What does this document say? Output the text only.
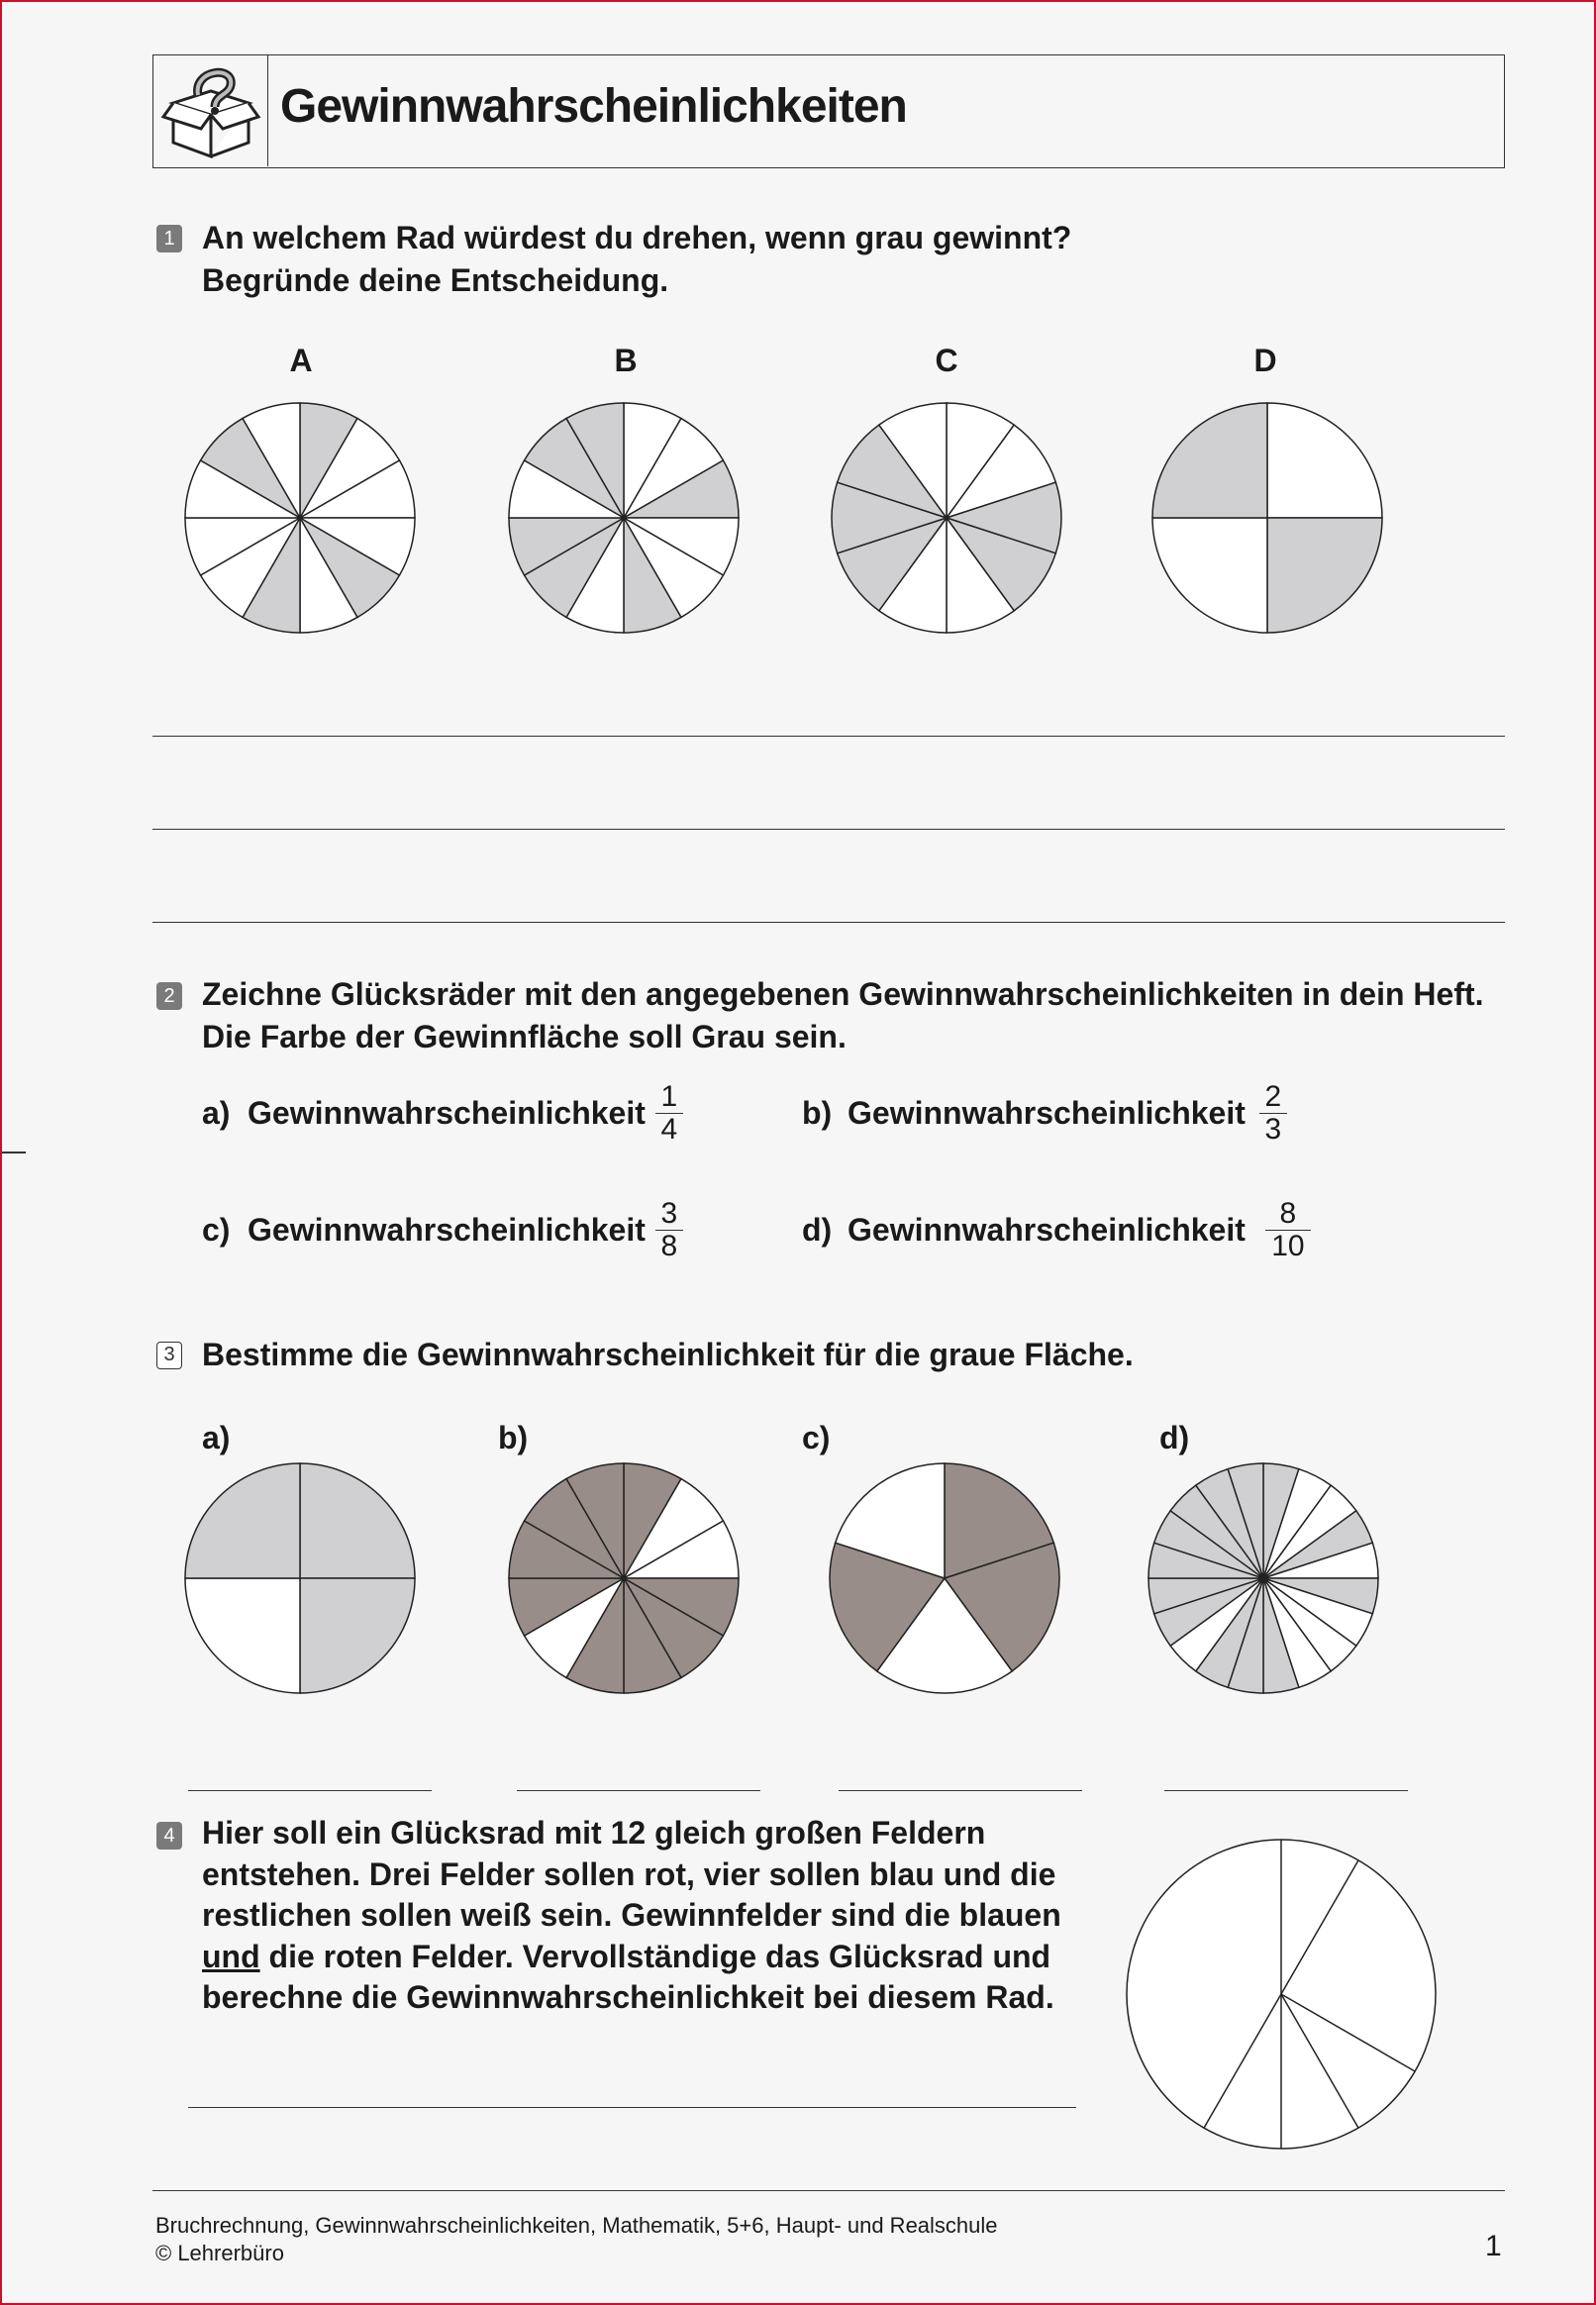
Gewinnwahrscheinlichkeiten
1 An welchem Rad würdest du drehen, wenn grau gewinnt?
Begründe deine Entscheidung.
A	B	C	D
2 Zeichne Glücksräder mit den angegebenen Gewinnwahrscheinlichkeiten in dein Heft.
Die Farbe der Gewinnfläche soll Grau sein.
a) Gewinnwahrscheinlichkeit $\frac{1}{4}$	b) Gewinnwahrscheinlichkeit $\frac{2}{3}$
c) Gewinnwahrscheinlichkeit $\frac{3}{8}$	d) Gewinnwahrscheinlichkeit $\frac{8}{10}$
3 Bestimme die Gewinnwahrscheinlichkeit für die graue Fläche.
a)	b)	c)	d)
4 Hier soll ein Glücksrad mit 12 gleich großen Feldern
entstehen. Drei Felder sollen rot, vier sollen blau und die
restlichen sollen weiß sein. Gewinnfelder sind die blauen
und die roten Felder. Vervollständige das Glücksrad und
berechne die Gewinnwahrscheinlichkeit bei diesem Rad.
Bruchrechnung, Gewinnwahrscheinlichkeiten, Mathematik, 5+6, Haupt- und Realschule
© Lehrerbüro	1
